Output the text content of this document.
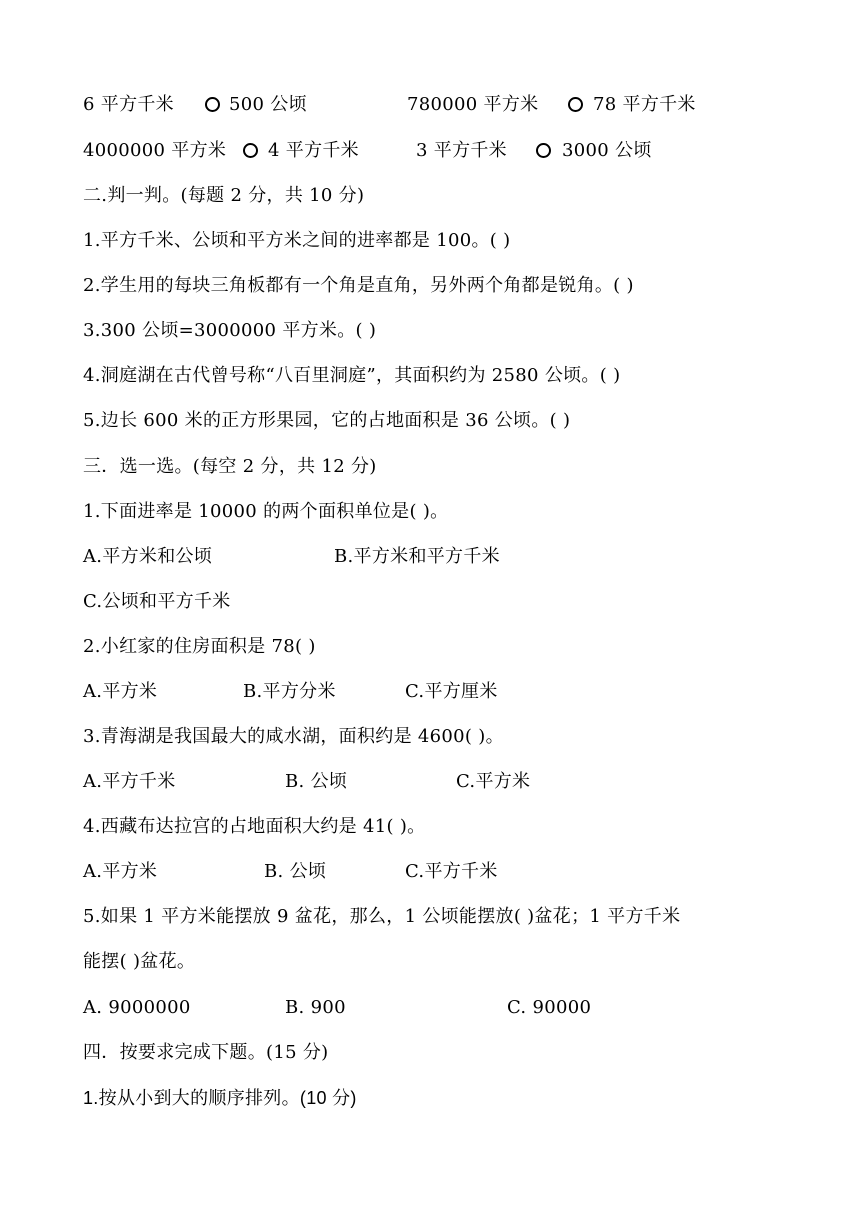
6 平方千米	500 公顷	780000 平方米	78 平方千米
4000000 平方米 4 平方千米	3 平方千米	3000 公顷
二.判一判。(每题 2 分，共 10 分)
1.平方千米、公顷和平方米之间的进率都是 100。( )
2.学生用的每块三角板都有一个角是直角，另外两个角都是锐角。( )
3.300 公顷=3000000 平方米。( )
4.洞庭湖在古代曾号称“八百里洞庭”，其面积约为 2580 公顷。( )
5.边长 600 米的正方形果园，它的占地面积是 36 公顷。( )
三．选一选。(每空 2 分，共 12 分)
1.下面进率是 10000 的两个面积单位是( )。
A.平方米和公顷	B.平方米和平方千米
C.公顷和平方千米
2.小红家的住房面积是 78( )
A.平方米	B.平方分米	C.平方厘米
3.青海湖是我国最大的咸水湖，面积约是 4600( )。
A.平方千米	B. 公顷	C.平方米
4.西藏布达拉宫的占地面积大约是 41( )。
A.平方米	B. 公顷	C.平方千米
5.如果 1 平方米能摆放 9 盆花，那么，1 公顷能摆放( )盆花；1 平方千米
能摆( )盆花。
A. 9000000	B. 900	C. 90000
四．按要求完成下题。(15 分)
1.按从小到大的顺序排列。(10 分)
